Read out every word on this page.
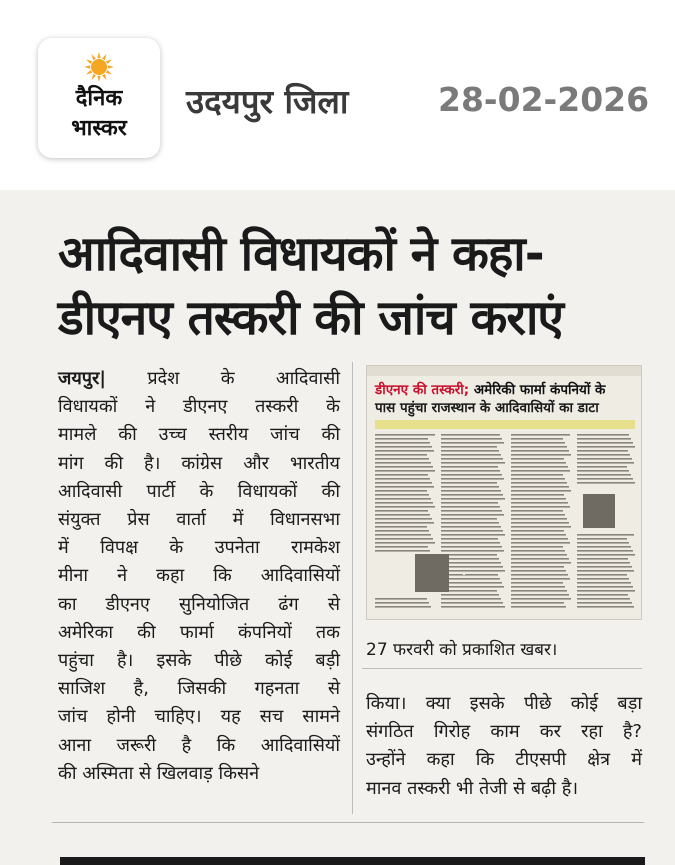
दैनिक
भास्कर
उदयपुर जिला	28-02-2026
आदिवासी विधायकों ने कहा-
डीएनए तस्करी की जांच कराएं
जयपुर| प्रदेश के आदिवासी
विधायकों ने डीएनए तस्करी के
मामले की उच्च स्तरीय जांच की
मांग की है। कांग्रेस और भारतीय
आदिवासी पार्टी के विधायकों की
संयुक्त प्रेस वार्ता में विधानसभा
में विपक्ष के उपनेता रामकेश
मीना ने कहा कि आदिवासियों
का डीएनए सुनियोजित ढंग से
अमेरिका की फार्मा कंपनियों तक
पहुंचा है। इसके पीछे कोई बड़ी
साजिश है, जिसकी गहनता से
जांच होनी चाहिए। यह सच सामने
आना जरूरी है कि आदिवासियों
की अस्मिता से खिलवाड़ किसने
डीएनए की तस्करी; अमेरिकी फार्मा कंपनियों के
पास पहुंचा राजस्थान के आदिवासियों का डाटा
27 फरवरी को प्रकाशित खबर।
किया। क्या इसके पीछे कोई बड़ा
संगठित गिरोह काम कर रहा है?
उन्होंने कहा कि टीएसपी क्षेत्र में
मानव तस्करी भी तेजी से बढ़ी है।
